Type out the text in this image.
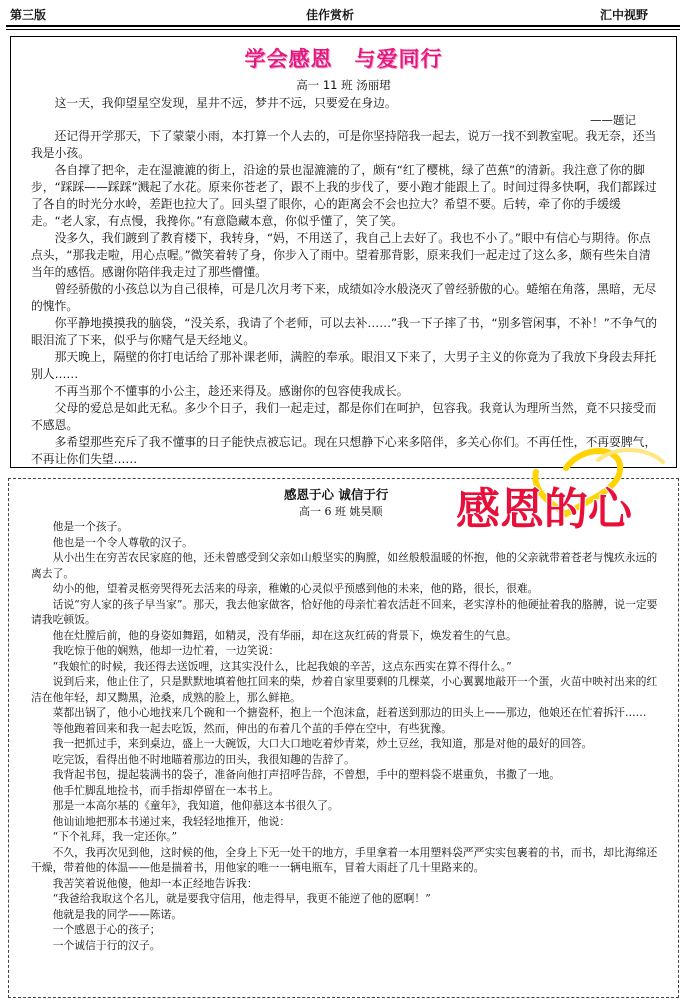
第三版	佳作赏析	汇中视野
学会感恩 与爱同行
高一 11 班 汤丽珺

这一天，我仰望星空发现，星井不远，梦井不远，只要爱在身边。

——题记

还记得开学那天，下了蒙蒙小雨，本打算一个人去的，可是你坚持陪我一起去，说万一找不到教室呢。我无奈，还当我是小孩。

各自撑了把伞，走在湿漉漉的街上，沿途的景也湿漉漉的了，颇有“红了樱桃，绿了芭蕉”的清新。我注意了你的脚步，“踩踩——踩踩”溅起了水花。原来你苍老了，跟不上我的步伐了，要小跑才能跟上了。时间过得多快啊，我们都踩过了各自的时光分水岭，差距也拉大了。回头望了眼你，心的距离会不会也拉大？希望不要。后转，牵了你的手缓缓走。“老人家，有点慢，我搀你。”有意隐藏本意，你似乎懂了，笑了笑。

没多久，我们踱到了教育楼下，我转身，“妈，不用送了，我自己上去好了。我也不小了。”眼中有信心与期待。你点点头，“那我走啦，用心点喔。”微笑着转了身，你步入了雨中。望着那背影，原来我们一起走过了这么多，颇有些朱自清当年的感悟。感谢你陪伴我走过了那些懵懂。

曾经骄傲的小孩总以为自己很棒，可是几次月考下来，成绩如冷水般浇灭了曾经骄傲的心。蜷缩在角落，黑暗，无尽的愧怍。

你平静地摸摸我的脑袋，“没关系，我请了个老师，可以去补……”我一下子摔了书，“别多管闲事，不补！”不争气的眼泪流了下来，似乎与你赌气是天经地义。

那天晚上，隔壁的你打电话给了那补课老师，满腔的奉承。眼泪又下来了，大男子主义的你竟为了我放下身段去拜托别人……

不再当那个不懂事的小公主，趁还来得及。感谢你的包容使我成长。

父母的爱总是如此无私。多少个日子，我们一起走过，都是你们在呵护，包容我。我竟认为理所当然，竟不只接受而不感恩。

多希望那些充斥了我不懂事的日子能快点被忘记。现在只想静下心来多陪伴，多关心你们。不再任性，不再耍脾气，不再让你们失望……

感恩于心 诚信于行
高一 6 班 姚昊顺

他是一个孩子。

他也是一个令人尊敬的汉子。

从小出生在穷苦农民家庭的他，还未曾感受到父亲如山般坚实的胸膛，如丝般般温暖的怀抱，他的父亲就带着苍老与愧疚永远的离去了。

幼小的他，望着灵柩旁哭得死去活来的母亲，稚嫩的心灵似乎预感到他的未来，他的路，很长，很难。

话说“穷人家的孩子早当家”。那天，我去他家做客，恰好他的母亲忙着农活赶不回来，老实淳朴的他硬扯着我的胳膊，说一定要请我吃顿饭。

他在灶膛后前，他的身姿如舞蹈，如精灵，没有华丽，却在这灰红砖的背景下，焕发着生的气息。

我吃惊于他的娴熟，他却一边忙着，一边笑说：

“我娘忙的时候，我还得去送饭哩，这其实没什么，比起我娘的辛苦，这点东西实在算不得什么。”

说到后来，他止住了，只是默默地填着他扛回来的柴，炒着自家里要剩的几棵菜，小心翼翼地敲开一个蛋，火苗中映衬出来的红洁在他年轻，却又黝黑，沧桑，成熟的脸上，那么鲜艳。

菜都出锅了，他小心地找来几个碗和一个搪瓷杯，抱上一个泡沫盒，赶着送到那边的田头上——那边，他娘还在忙着拆汗……

等他跑着回来和我一起去吃饭，然而，伸出的布着几个茧的手停在空中，有些犹豫。

我一把抓过手，来到桌边，盛上一大碗饭，大口大口地吃着炒青菜，炒土豆丝，我知道，那是对他的最好的回答。

吃完饭，看得出他不时地瞄着那边的田头，我很知趣的告辞了。

我背起书包，提起装满书的袋子，准备向他打声招呼告辞，不曾想，手中的塑料袋不堪重负，书撒了一地。

他手忙脚乱地捡书，而手指却停留在一本书上。

那是一本高尔基的《童年》，我知道，他仰慕这本书很久了。

他讪讪地把那本书递过来，我轻轻地推开，他说：

“下个礼拜，我一定还你。”

不久，我再次见到他，这时候的他，全身上下无一处干的地方，手里拿着一本用塑料袋严严实实包裹着的书，而书，却比海绵还干燥，带着他的体温——他是揣着书，用他家的唯一一辆电瓶车，冒着大雨赶了几十里路来的。

我苦笑着说他傻，他却一本正经地告诉我：

“我爸给我取这个名儿，就是要我守信用，他走得早，我更不能逆了他的愿啊！”

他就是我的同学——陈诺。

一个感恩于心的孩子；

一个诚信于行的汉子。

感恩的心
